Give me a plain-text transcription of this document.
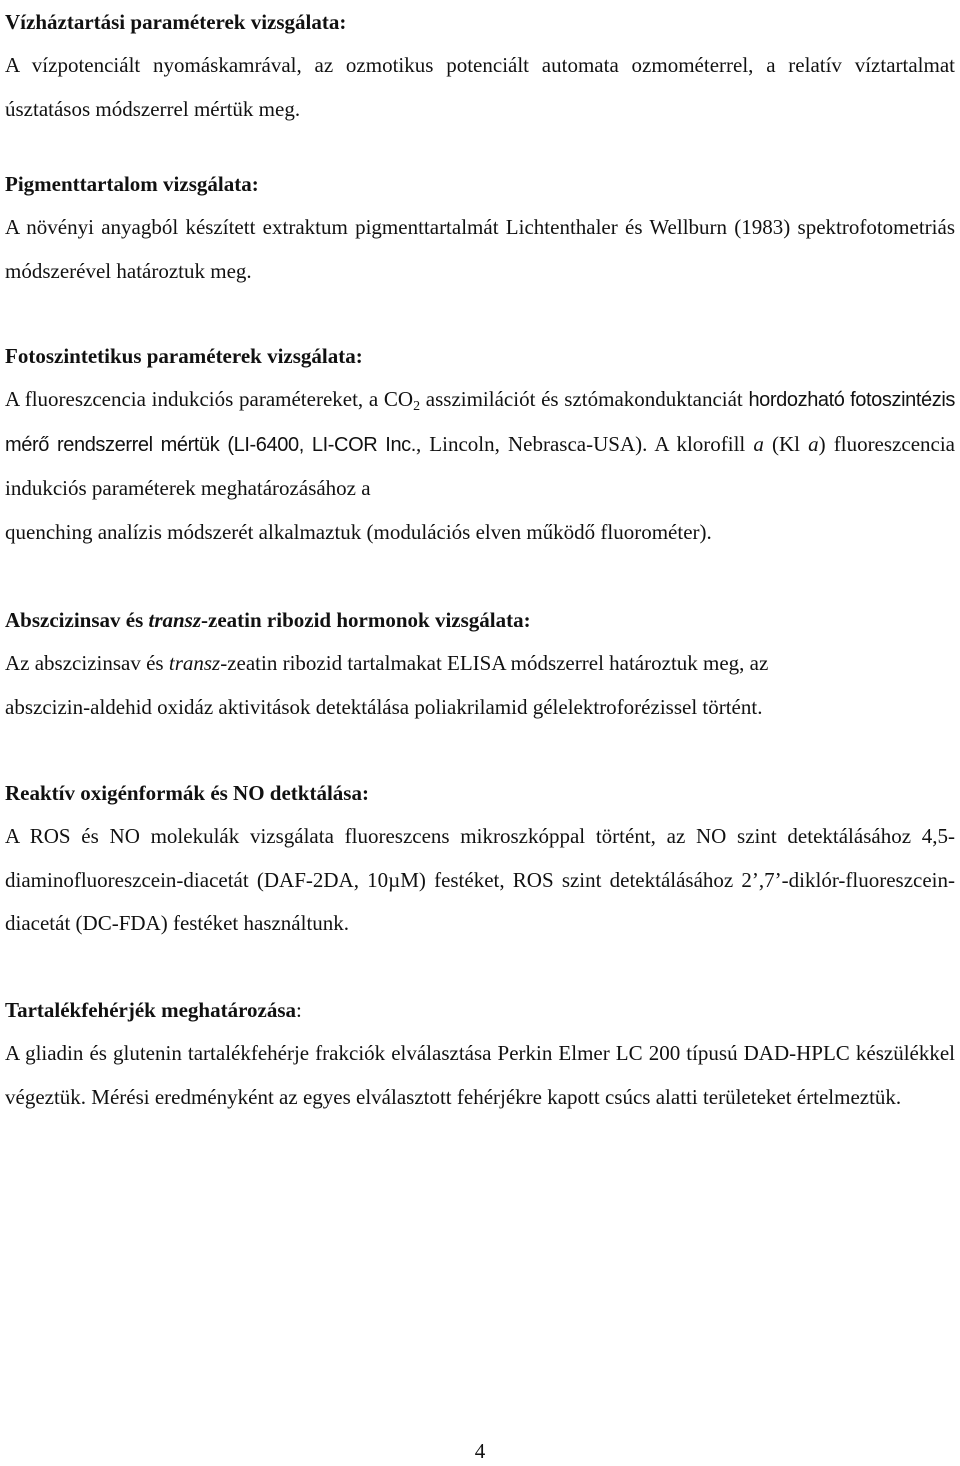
Vízháztartási paraméterek vizsgálata:

A vízpotenciált nyomáskamrával, az ozmotikus potenciált automata ozmométerrel, a relatív víztartalmat úsztatásos módszerrel mértük meg.

Pigmenttartalom vizsgálata:

A növényi anyagból készített extraktum pigmenttartalmát Lichtenthaler és Wellburn (1983) spektrofotometriás módszerével határoztuk meg.

Fotoszintetikus paraméterek vizsgálata:

A fluoreszcencia indukciós paramétereket, a $CO_2$ asszimilációt és sztómakonduktanciát hordozható fotoszintézis mérő rendszerrel mértük (LI-6400, LI-COR Inc., Lincoln, Nebrasca-USA). A klorofill a (Kl a) fluoreszcencia indukciós paraméterek meghatározásához a
quenching analízis módszerét alkalmaztuk (modulációs elven működő fluorométer).

Abszcizinsav és transz-zeatin ribozid hormonok vizsgálata:

Az abszcizinsav és transz-zeatin ribozid tartalmakat ELISA módszerrel határoztuk meg, az
abszcizin-aldehid oxidáz aktivitások detektálása poliakrilamid gélelektroforézissel történt.

Reaktív oxigénformák és NO detktálása:

A ROS és NO molekulák vizsgálata fluoreszcens mikroszkóppal történt, az NO szint detektálásához 4,5-diaminofluoreszcein-diacetát (DAF-2DA, 10µM) festéket, ROS szint detektálásához 2’,7’-diklór-fluoreszcein-diacetát (DC-FDA) festéket használtunk.

Tartalékfehérjék meghatározása:

A gliadin és glutenin tartalékfehérje frakciók elválasztása Perkin Elmer LC 200 típusú DAD-HPLC készülékkel végeztük. Mérési eredményként az egyes elválasztott fehérjékre kapott csúcs alatti területeket értelmeztük.

4
